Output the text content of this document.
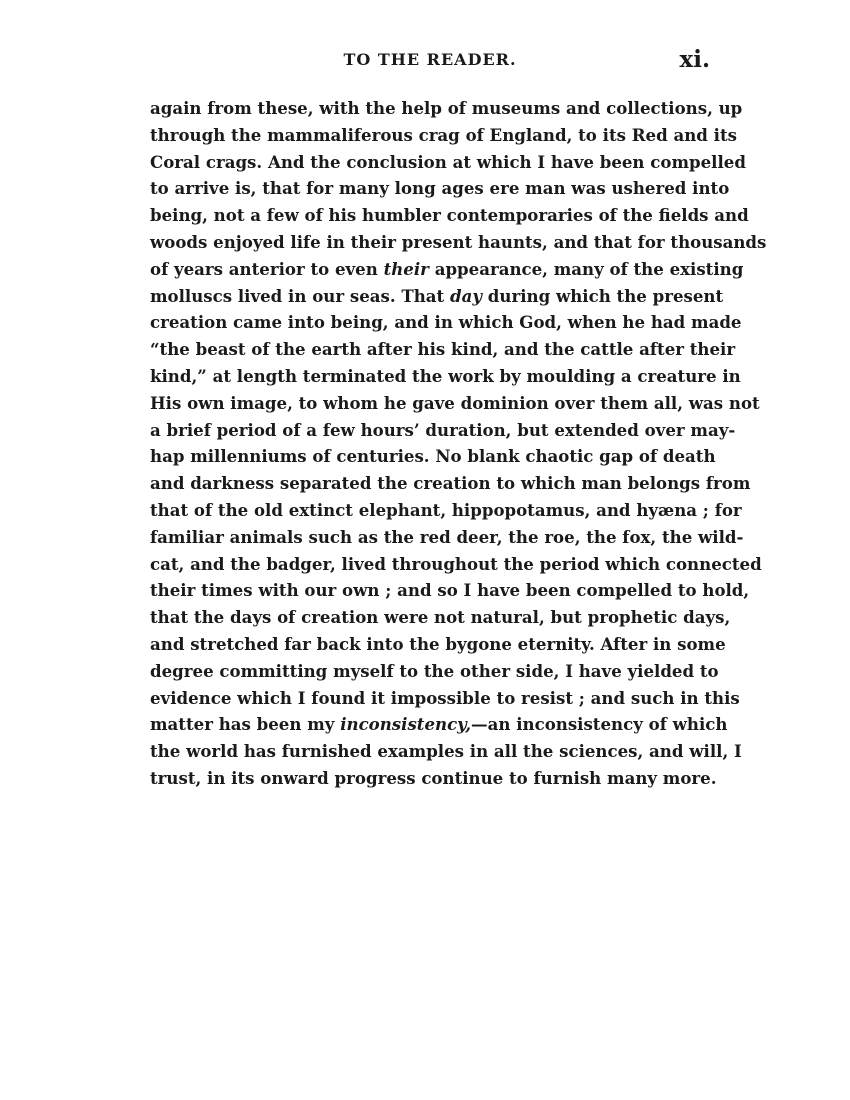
TO THE READER.	xi.
again from these, with the help of museums and collections, up
through the mammaliferous crag of England, to its Red and its
Coral crags. And the conclusion at which I have been compelled
to arrive is, that for many long ages ere man was ushered into
being, not a few of his humbler contemporaries of the fields and
woods enjoyed life in their present haunts, and that for thousands
of years anterior to even their appearance, many of the existing
molluscs lived in our seas. That day during which the present
creation came into being, and in which God, when he had made
“the beast of the earth after his kind, and the cattle after their
kind,” at length terminated the work by moulding a creature in
His own image, to whom he gave dominion over them all, was not
a brief period of a few hours’ duration, but extended over may-
hap millenniums of centuries. No blank chaotic gap of death
and darkness separated the creation to which man belongs from
that of the old extinct elephant, hippopotamus, and hyæna ; for
familiar animals such as the red deer, the roe, the fox, the wild-
cat, and the badger, lived throughout the period which connected
their times with our own ; and so I have been compelled to hold,
that the days of creation were not natural, but prophetic days,
and stretched far back into the bygone eternity. After in some
degree committing myself to the other side, I have yielded to
evidence which I found it impossible to resist ; and such in this
matter has been my inconsistency,—an inconsistency of which
the world has furnished examples in all the sciences, and will, I
trust, in its onward progress continue to furnish many more.
